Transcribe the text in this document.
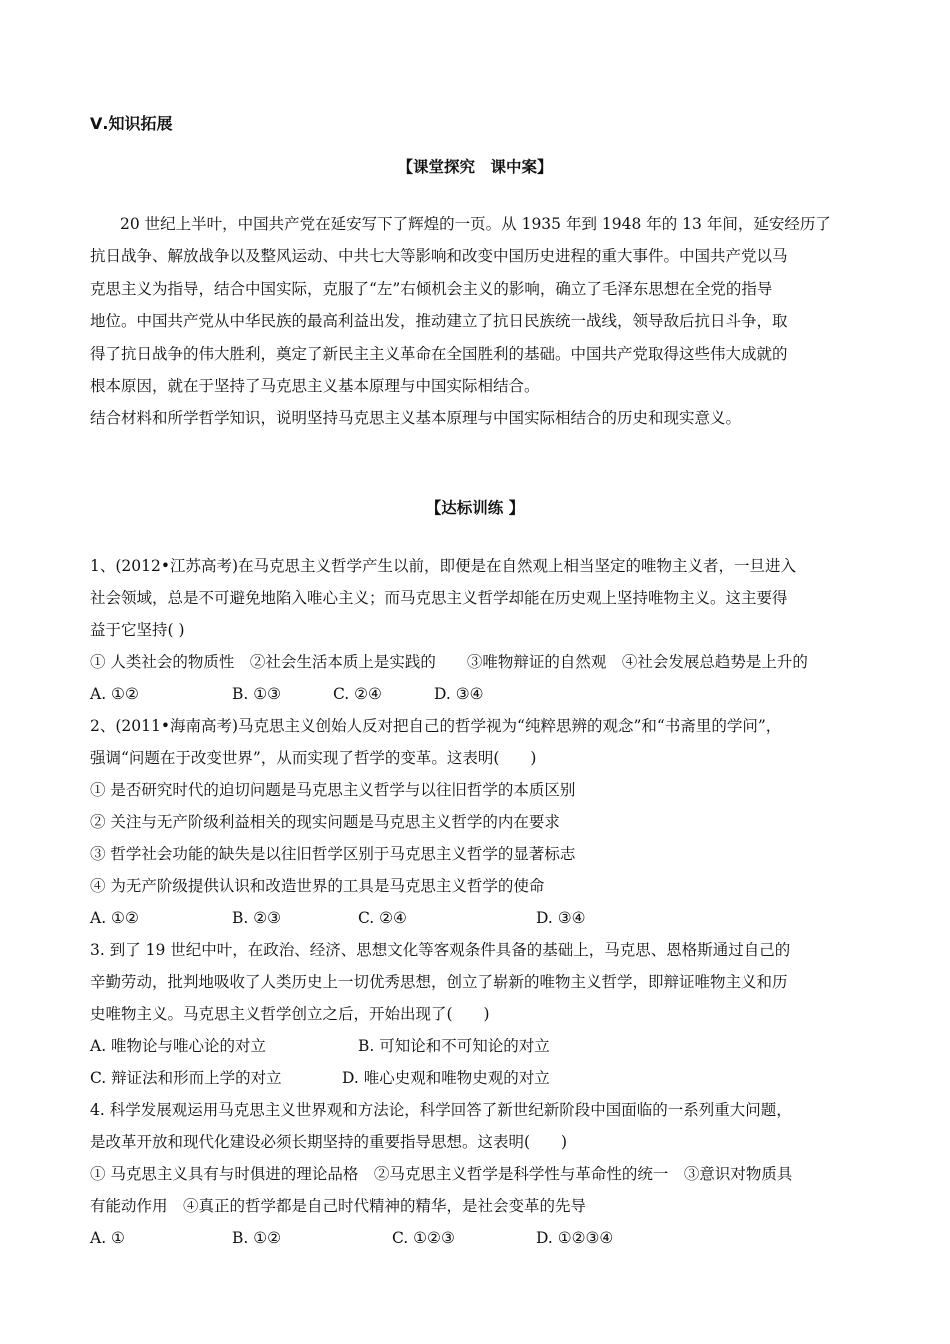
Ⅴ.知识拓展
【课堂探究　课中案】
20 世纪上半叶，中国共产党在延安写下了辉煌的一页。从 1935 年到 1948 年的 13 年间，延安经历了
抗日战争、解放战争以及整风运动、中共七大等影响和改变中国历史进程的重大事件。中国共产党以马
克思主义为指导，结合中国实际，克服了“左”右倾机会主义的影响，确立了毛泽东思想在全党的指导
地位。中国共产党从中华民族的最高利益出发，推动建立了抗日民族统一战线，领导敌后抗日斗争，取
得了抗日战争的伟大胜利，奠定了新民主主义革命在全国胜利的基础。中国共产党取得这些伟大成就的
根本原因，就在于坚持了马克思主义基本原理与中国实际相结合。
结合材料和所学哲学知识，说明坚持马克思主义基本原理与中国实际相结合的历史和现实意义。
【达标训练 】
1、(2012•江苏高考)在马克思主义哲学产生以前，即便是在自然观上相当坚定的唯物主义者，一旦进入
社会领域，总是不可避免地陷入唯心主义；而马克思主义哲学却能在历史观上坚持唯物主义。这主要得
益于它坚持( )
① 人类社会的物质性　②社会生活本质上是实践的　　③唯物辩证的自然观　④社会发展总趋势是上升的
A. ①②	B. ①③	C. ②④	D. ③④
2、(2011•海南高考)马克思主义创始人反对把自己的哲学视为“纯粹思辨的观念”和“书斋里的学问”，
强调“问题在于改变世界”，从而实现了哲学的变革。这表明(　　)
① 是否研究时代的迫切问题是马克思主义哲学与以往旧哲学的本质区别
② 关注与无产阶级利益相关的现实问题是马克思主义哲学的内在要求
③ 哲学社会功能的缺失是以往旧哲学区别于马克思主义哲学的显著标志
④ 为无产阶级提供认识和改造世界的工具是马克思主义哲学的使命
A. ①②	B. ②③	C. ②④	D. ③④
3. 到了 19 世纪中叶，在政治、经济、思想文化等客观条件具备的基础上，马克思、恩格斯通过自己的
辛勤劳动，批判地吸收了人类历史上一切优秀思想，创立了崭新的唯物主义哲学，即辩证唯物主义和历
史唯物主义。马克思主义哲学创立之后，开始出现了(　　)
A. 唯物论与唯心论的对立	B. 可知论和不可知论的对立
C. 辩证法和形而上学的对立	D. 唯心史观和唯物史观的对立
4. 科学发展观运用马克思主义世界观和方法论，科学回答了新世纪新阶段中国面临的一系列重大问题，
是改革开放和现代化建设必须长期坚持的重要指导思想。这表明(　　)
① 马克思主义具有与时俱进的理论品格　②马克思主义哲学是科学性与革命性的统一　③意识对物质具
有能动作用　④真正的哲学都是自己时代精神的精华，是社会变革的先导
A. ①	B. ①②	C. ①②③	D. ①②③④
